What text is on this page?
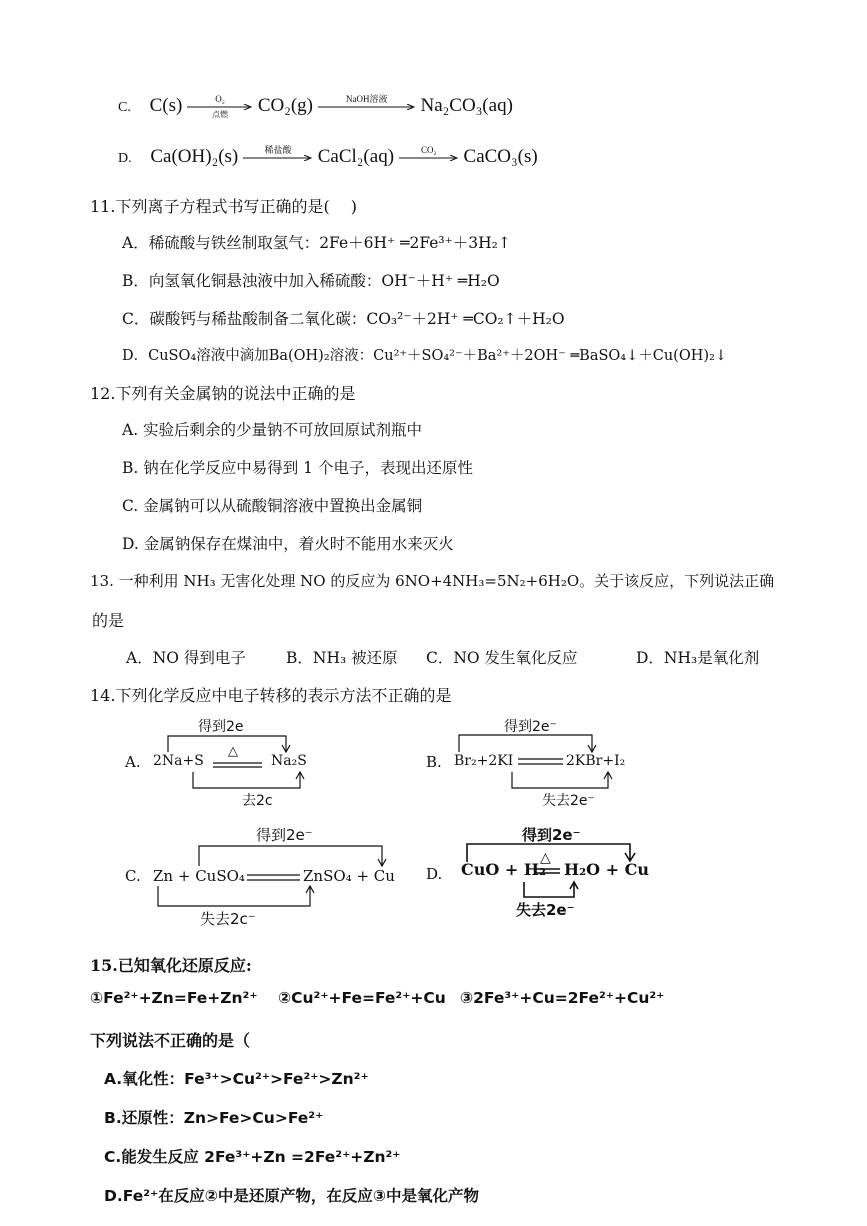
C. C(s)	O₂
点燃	CO₂(g)	NaOH溶液
	Na₂CO₃(aq)
D. Ca(OH)₂(s)	稀盐酸
	CaCl₂(aq)	CO₂
	CaCO₃(s)
11.下列离子方程式书写正确的是(　 )
A．稀硫酸与铁丝制取氢气：2Fe＋6H⁺ ═2Fe³⁺＋3H₂↑
B．向氢氧化铜悬浊液中加入稀硫酸：OH⁻＋H⁺ ═H₂O
C．碳酸钙与稀盐酸制备二氧化碳：CO₃²⁻＋2H⁺ ═CO₂↑＋H₂O
D．CuSO₄溶液中滴加Ba(OH)₂溶液：Cu²⁺＋SO₄²⁻＋Ba²⁺＋2OH⁻ ═BaSO₄↓＋Cu(OH)₂↓
12.下列有关金属钠的说法中正确的是
A. 实验后剩余的少量钠不可放回原试剂瓶中
B. 钠在化学反应中易得到 1 个电子，表现出还原性
C. 金属钠可以从硫酸铜溶液中置换出金属铜
D. 金属钠保存在煤油中，着火时不能用水来灭火
13. 一种利用 NH₃ 无害化处理 NO 的反应为 6NO+4NH₃=5N₂+6H₂O。关于该反应，下列说法正确
的是
A．NO 得到电子	B．NH₃ 被还原 C．NO 发生氧化反应	D．NH₃是氧化剂
14.下列化学反应中电子转移的表示方法不正确的是
A. 2Na+S
△
Na₂S
得到2e
去2c
B. Br₂+2KI	2KBr+I₂
得到2e⁻
失去2e⁻
C. Zn + CuSO₄	ZnSO₄ + Cu
得到2e⁻
失去2c⁻
D. CuO + H₂
△
H₂O + Cu
得到2e⁻
失去2e⁻
15.已知氧化还原反应:
①Fe²⁺+Zn=Fe+Zn²⁺ ②Cu²⁺+Fe=Fe²⁺+Cu ③2Fe³⁺+Cu=2Fe²⁺+Cu²⁺
下列说法不正确的是（
A.氧化性：Fe³⁺>Cu²⁺>Fe²⁺>Zn²⁺
B.还原性：Zn>Fe>Cu>Fe²⁺
C.能发生反应 2Fe³⁺+Zn =2Fe²⁺+Zn²⁺
D.Fe²⁺在反应②中是还原产物，在反应③中是氧化产物
